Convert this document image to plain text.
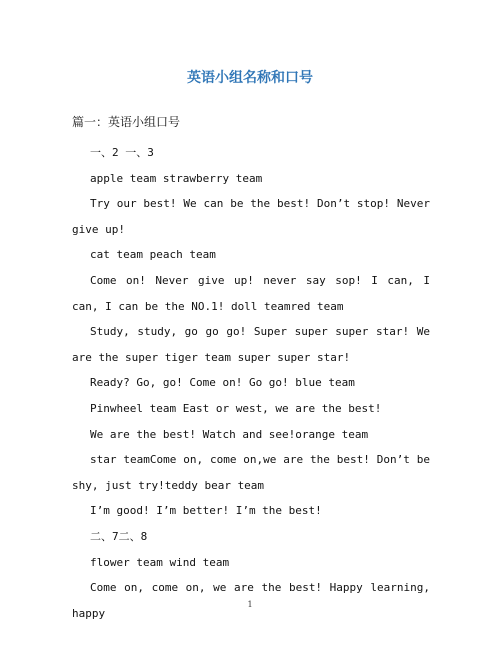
英语小组名称和口号
篇一：英语小组口号

一、2 一、3

apple team strawberry team

Try our best! We can be the best! Don’t stop! Never give up!

cat team peach team

Come on! Never give up! never say sop! I can, I can, I can be the NO.1! doll teamred team

Study, study, go go go! Super super super star! We are the super tiger team super super star!

Ready? Go, go! Come on! Go go! blue team

Pinwheel team East or west, we are the best!

We are the best! Watch and see!orange team

star teamCome on, come on,we are the best! Don’t be shy, just try!teddy bear team

I’m good! I’m better! I’m the best!

二、7二、8

flower team wind team

Come on, come on, we are the best! Happy learning, happy

1
